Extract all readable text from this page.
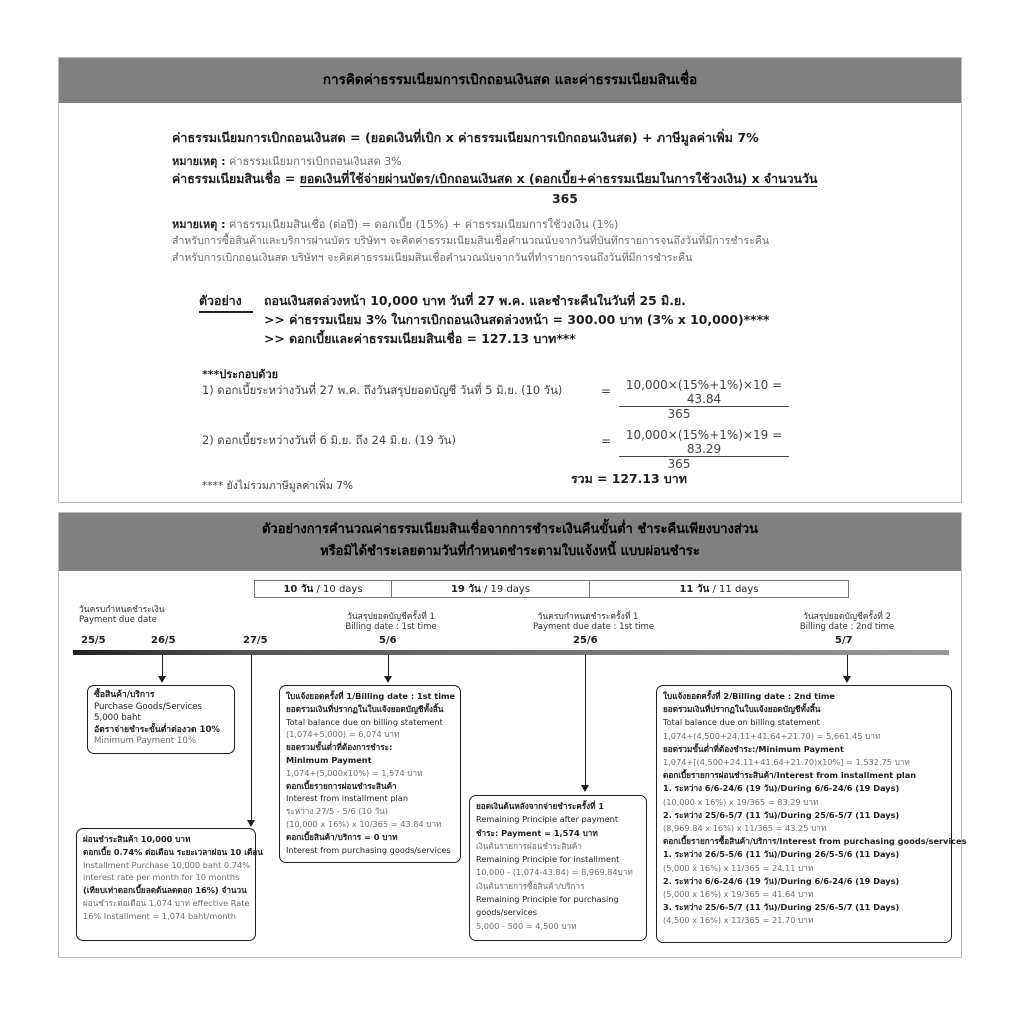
การคิดค่าธรรมเนียมการเบิกถอนเงินสด และค่าธรรมเนียมสินเชื่อ
ค่าธรรมเนียมการเบิกถอนเงินสด = (ยอดเงินที่เบิก x ค่าธรรมเนียมการเบิกถอนเงินสด) + ภาษีมูลค่าเพิ่ม 7%
หมายเหตุ : ค่าธรรมเนียมการเบิกถอนเงินสด 3%
ค่าธรรมเนียมสินเชื่อ = ยอดเงินที่ใช้จ่ายผ่านบัตร/เบิกถอนเงินสด x (ดอกเบี้ย+ค่าธรรมเนียมในการใช้วงเงิน) x จำนวนวัน
365
หมายเหตุ : ค่าธรรมเนียมสินเชื่อ (ต่อปี) = ดอกเบี้ย (15%) + ค่าธรรมเนียมการใช้วงเงิน (1%)
สำหรับการซื้อสินค้าและบริการผ่านบัตร บริษัทฯ จะคิดค่าธรรมเนียมสินเชื่อคำนวณนับจากวันที่บันทึกรายการจนถึงวันที่มีการชำระคืน
สำหรับการเบิกถอนเงินสด บริษัทฯ จะคิดค่าธรรมเนียมสินเชื่อคำนวณนับจากวันที่ทำรายการจนถึงวันที่มีการชำระคืน
ตัวอย่าง ถอนเงินสดล่วงหน้า 10,000 บาท วันที่ 27 พ.ค. และชำระคืนในวันที่ 25 มิ.ย.
>> ค่าธรรมเนียม 3% ในการเบิกถอนเงินสดล่วงหน้า = 300.00 บาท (3% x 10,000)****
>> ดอกเบี้ยและค่าธรรมเนียมสินเชื่อ = 127.13 บาท***
***ประกอบด้วย
1) ดอกเบี้ยระหว่างวันที่ 27 พ.ค. ถึงวันสรุปยอดบัญชี วันที่ 5 มิ.ย. (10 วัน)	= $\frac{10,000\times(15\%+1\%)\times 10 = 43.84}{365}$
2) ดอกเบี้ยระหว่างวันที่ 6 มิ.ย. ถึง 24 มิ.ย. (19 วัน)	= $\frac{10,000\times(15\%+1\%)\times 19 = 83.29}{365}$
**** ยังไม่รวมภาษีมูลค่าเพิ่ม 7%	รวม = 127.13 บาท
ตัวอย่างการคำนวณค่าธรรมเนียมสินเชื่อจากการชำระเงินคืนขั้นต่ำ ชำระคืนเพียงบางส่วน
หรือมิได้ชำระเลยตามวันที่กำหนดชำระตามใบแจ้งหนี้ แบบผ่อนชำระ
10 วัน / 10 days	19 วัน / 19 days	11 วัน / 11 days
วันครบกำหนดชำระเงิน
Payment due date	วันสรุปยอดบัญชีครั้งที่ 1
Billing date : 1st time
วันครบกำหนดชำระครั้งที่ 1
Payment due date : 1st time
วันสรุปยอดบัญชีครั้งที่ 2
Billing date : 2nd time
25/5	26/5	27/5	5/6	25/6	5/7
ซื้อสินค้า/บริการ
Purchase Goods/Services
5,000 baht
อัตราจ่ายชำระขั้นต่ำต่องวด 10%
Minimum Payment 10%
ผ่อนชำระสินค้า 10,000 บาท
ดอกเบี้ย 0.74% ต่อเดือน ระยะเวลาผ่อน 10 เดือน
Installment Purchase 10,000 baht 0.74%
interest rate per month for 10 months
(เทียบเท่าดอกเบี้ยลดต้นลดดอก 16%) จำนวน
ผ่อนชำระต่อเดือน 1,074 บาท effective Rate
16% Installment = 1,074 baht/month
ใบแจ้งยอดครั้งที่ 1/Billing date : 1st time
ยอดรวมเงินที่ปรากฏในใบแจ้งยอดบัญชีทั้งสิ้น
Total balance due on billing statement
(1,074+5,000) = 6,074 บาท
ยอดรวมขั้นต่ำที่ต้องการชำระ:
Minimum Payment
1,074+(5,000x10%) = 1,574 บาท
ดอกเบี้ยรายการผ่อนชำระสินค้า
Interest from installment plan
ระหว่าง 27/5 - 5/6 (10 วัน)
(10,000 x 16%) x 10/365 = 43.84 บาท
ดอกเบี้ยสินค้า/บริการ = 0 บาท
Interest from purchasing goods/services
ยอดเงินต้นหลังจากจ่ายชำระครั้งที่ 1
Remaining Principle after payment
ชำระ: Payment = 1,574 บาท
เงินต้นรายการผ่อนชำระสินค้า
Remaining Principle for installment
10,000 - (1,074-43.84) = 8,969.84บาท
เงินต้นรายการซื้อสินค้า/บริการ
Remaining Principle for purchasing
goods/services
5,000 - 500 = 4,500 บาท
ใบแจ้งยอดครั้งที่ 2/Billing date : 2nd time
ยอดรวมเงินที่ปรากฏในใบแจ้งยอดบัญชีทั้งสิ้น
Total balance due on billing statement
1,074+(4,500+24.11+41.64+21.70) = 5,661.45 บาท
ยอดรวมขั้นต่ำที่ต้องชำระ:/Minimum Payment
1,074+[(4,500+24.11+41.64+21.70)x10%] = 1,532.75 บาท
ดอกเบี้ยรายการผ่อนชำระสินค้า/Interest from installment plan
1. ระหว่าง 6/6-24/6 (19 วัน)/During 6/6-24/6 (19 Days)
(10,000 x 16%) x 19/365 = 83.29 บาท
2. ระหว่าง 25/6-5/7 (11 วัน)/During 25/6-5/7 (11 Days)
(8,969.84 x 16%) x 11/365 = 43.25 บาท
ดอกเบี้ยรายการซื้อสินค้า/บริการ/Interest from purchasing goods/services
1. ระหว่าง 26/5-5/6 (11 วัน)/During 26/5-5/6 (11 Days)
(5,000 x 16%) x 11/365 = 24.11 บาท
2. ระหว่าง 6/6-24/6 (19 วัน)/During 6/6-24/6 (19 Days)
(5,000 x 16%) x 19/365 = 41.64 บาท
3. ระหว่าง 25/6-5/7 (11 วัน)/During 25/6-5/7 (11 Days)
(4,500 x 16%) x 11/365 = 21.70 บาท
